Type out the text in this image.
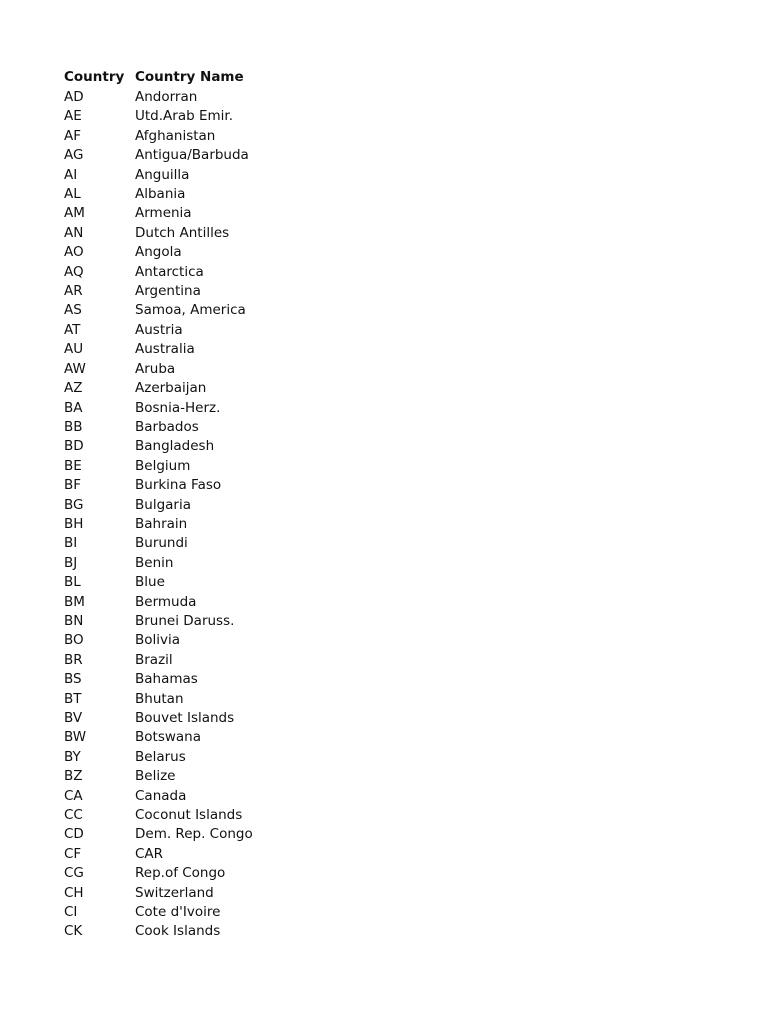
Country	Country Name
AD	Andorran
AE	Utd.Arab Emir.
AF	Afghanistan
AG	Antigua/Barbuda
AI	Anguilla
AL	Albania
AM	Armenia
AN	Dutch Antilles
AO	Angola
AQ	Antarctica
AR	Argentina
AS	Samoa, America
AT	Austria
AU	Australia
AW	Aruba
AZ	Azerbaijan
BA	Bosnia-Herz.
BB	Barbados
BD	Bangladesh
BE	Belgium
BF	Burkina Faso
BG	Bulgaria
BH	Bahrain
BI	Burundi
BJ	Benin
BL	Blue
BM	Bermuda
BN	Brunei Daruss.
BO	Bolivia
BR	Brazil
BS	Bahamas
BT	Bhutan
BV	Bouvet Islands
BW	Botswana
BY	Belarus
BZ	Belize
CA	Canada
CC	Coconut Islands
CD	Dem. Rep. Congo
CF	CAR
CG	Rep.of Congo
CH	Switzerland
CI	Cote d'Ivoire
CK	Cook Islands
